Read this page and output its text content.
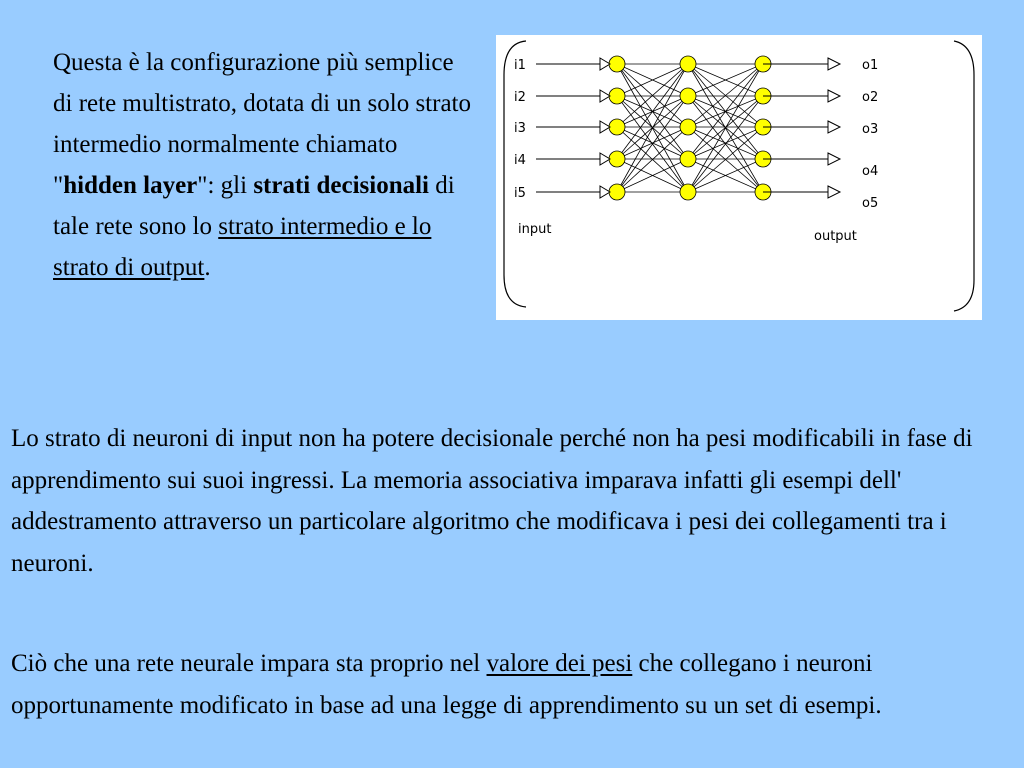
Questa è la configurazione più semplice di rete multistrato, dotata di un solo strato intermedio normalmente chiamato "hidden layer": gli strati decisionali di tale rete sono lo strato intermedio e lo strato di output.

i1
i2
i3
i4
i5
o1
o2
o3
o4
o5
input	output

Lo strato di neuroni di input non ha potere decisionale perché non ha pesi modificabili in fase di apprendimento sui suoi ingressi. La memoria associativa imparava infatti gli esempi dell' addestramento attraverso un particolare algoritmo che modificava i pesi dei collegamenti tra i neuroni.

Ciò che una rete neurale impara sta proprio nel valore dei pesi che collegano i neuroni opportunamente modificato in base ad una legge di apprendimento su un set di esempi.
